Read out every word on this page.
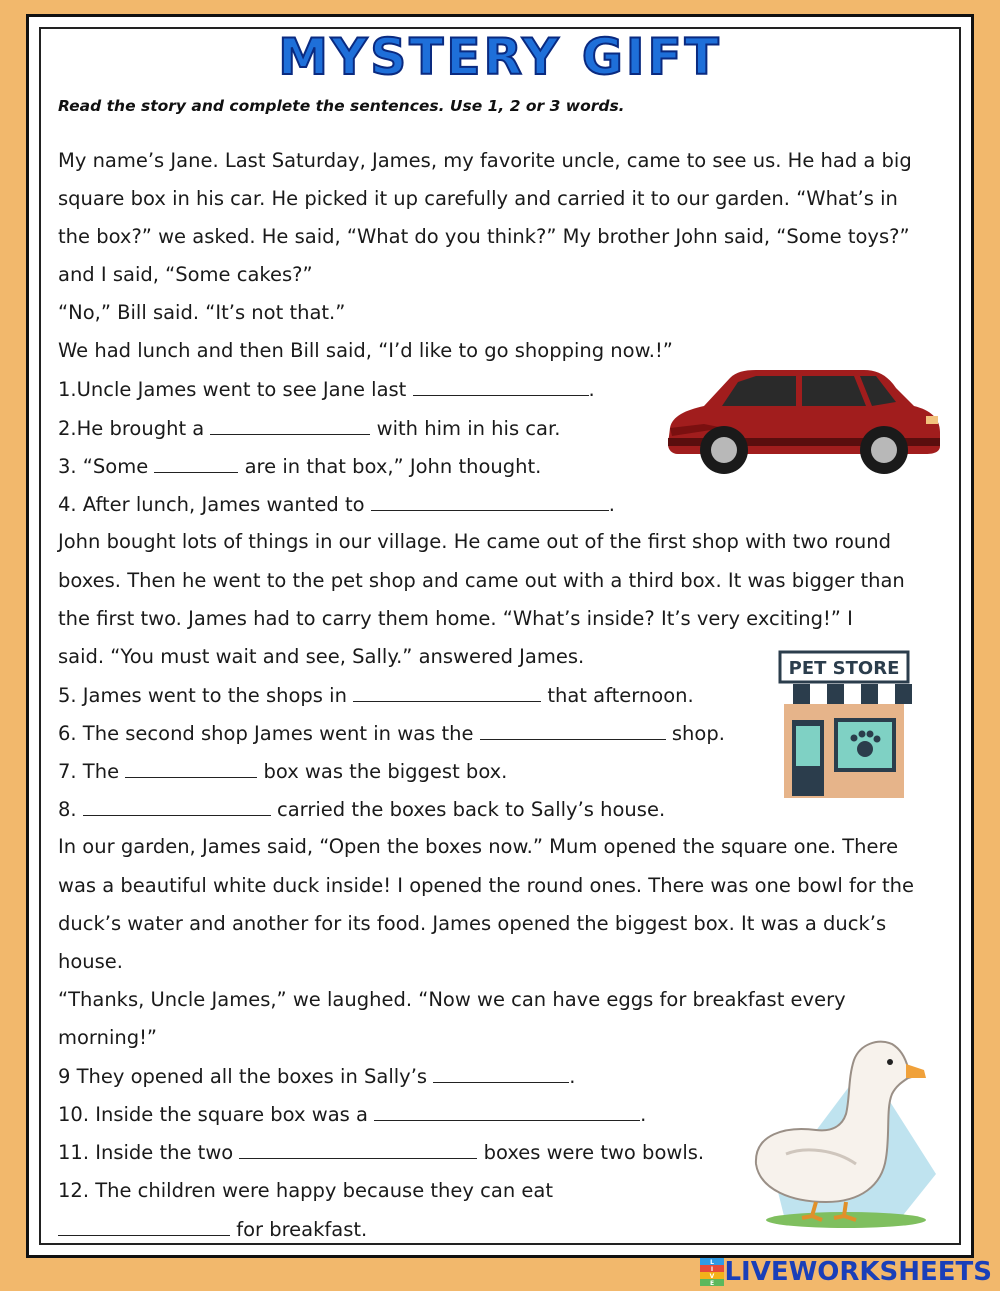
MYSTERY GIFT
Read the story and complete the sentences. Use 1, 2 or 3 words.
My name’s Jane. Last Saturday, James, my favorite uncle, came to see us. He had a big
square box in his car. He picked it up carefully and carried it to our garden. “What’s in
the box?” we asked. He said, “What do you think?” My brother John said, “Some toys?”
and I said, “Some cakes?”
“No,” Bill said. “It’s not that.”
We had lunch and then Bill said, “I’d like to go shopping now.!”
1.Uncle James went to see Jane last	.
2.He brought a	with him in his car.
3. “Some	are in that box,” John thought.
4. After lunch, James wanted to	.
John bought lots of things in our village. He came out of the first shop with two round
boxes. Then he went to the pet shop and came out with a third box. It was bigger than
the first two. James had to carry them home. “What’s inside? It’s very exciting!” I
said. “You must wait and see, Sally.” answered James.
5. James went to the shops in	that afternoon.
6. The second shop James went in was the	shop.
7. The	box was the biggest box.
8.	carried the boxes back to Sally’s house.
In our garden, James said, “Open the boxes now.” Mum opened the square one. There
was a beautiful white duck inside! I opened the round ones. There was one bowl for the
duck’s water and another for its food. James opened the biggest box. It was a duck’s
house.
“Thanks, Uncle James,” we laughed. “Now we can have eggs for breakfast every
morning!”
9 They opened all the boxes in Sally’s	.
10. Inside the square box was a	.
11. Inside the two	boxes were two bowls.
12. The children were happy because they can eat
for breakfast.
PET STORE
L
I
V
E LIVEWORKSHEETS
